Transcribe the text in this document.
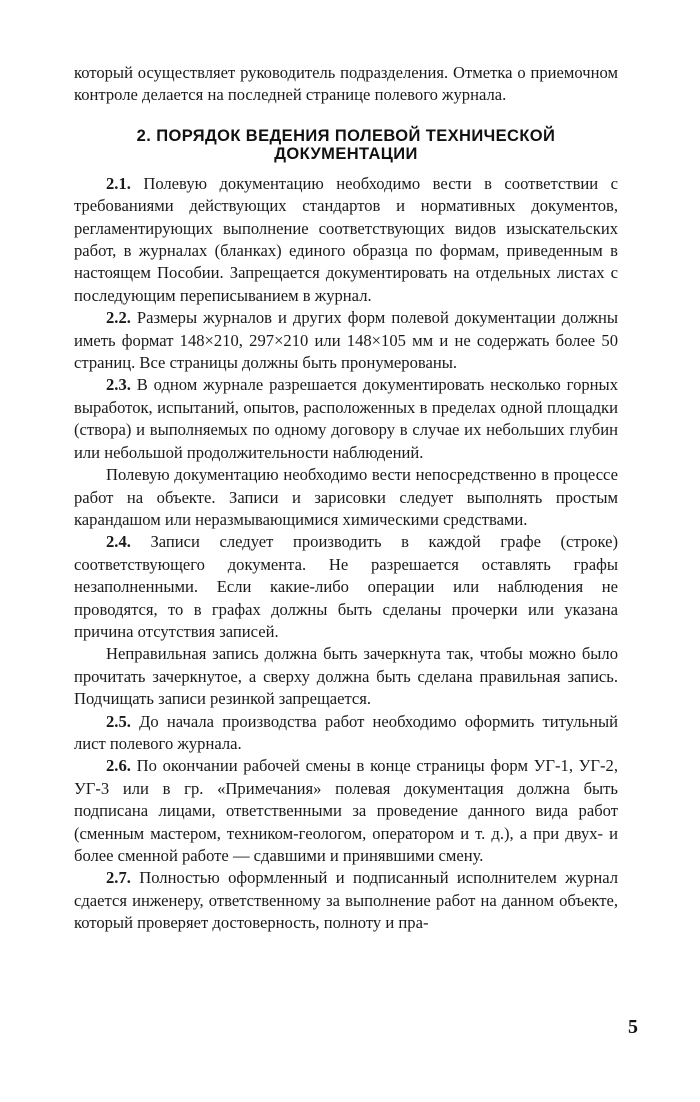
который осуществляет руководитель подразделения. Отметка о приемочном контроле делается на последней странице полевого журнала.

2. ПОРЯДОК ВЕДЕНИЯ ПОЛЕВОЙ ТЕХНИЧЕСКОЙ
ДОКУМЕНТАЦИИ

2.1. Полевую документацию необходимо вести в соответствии с требованиями действующих стандартов и нормативных документов, регламентирующих выполнение соответствующих видов изыскательских работ, в журналах (бланках) единого образца по формам, приведенным в настоящем Пособии. Запрещается документировать на отдельных листах с последующим переписыванием в журнал.

2.2. Размеры журналов и других форм полевой документации должны иметь формат 148×210, 297×210 или 148×105 мм и не содержать более 50 страниц. Все страницы должны быть пронумерованы.

2.3. В одном журнале разрешается документировать несколько горных выработок, испытаний, опытов, расположенных в пределах одной площадки (створа) и выполняемых по одному договору в случае их небольших глубин или небольшой продолжительности наблюдений.

Полевую документацию необходимо вести непосредственно в процессе работ на объекте. Записи и зарисовки следует выполнять простым карандашом или неразмывающимися химическими средствами.

2.4. Записи следует производить в каждой графе (строке) соответствующего документа. Не разрешается оставлять графы незаполненными. Если какие-либо операции или наблюдения не проводятся, то в графах должны быть сделаны прочерки или указана причина отсутствия записей.

Неправильная запись должна быть зачеркнута так, чтобы можно было прочитать зачеркнутое, а сверху должна быть сделана правильная запись. Подчищать записи резинкой запрещается.

2.5. До начала производства работ необходимо оформить титульный лист полевого журнала.

2.6. По окончании рабочей смены в конце страницы форм УГ-1, УГ-2, УГ-3 или в гр. «Примечания» полевая документация должна быть подписана лицами, ответственными за проведение данного вида работ (сменным мастером, техником-геологом, оператором и т. д.), а при двух- и более сменной работе — сдавшими и принявшими смену.

2.7. Полностью оформленный и подписанный исполнителем журнал сдается инженеру, ответственному за выполнение работ на данном объекте, который проверяет достоверность, полноту и пра-

5
